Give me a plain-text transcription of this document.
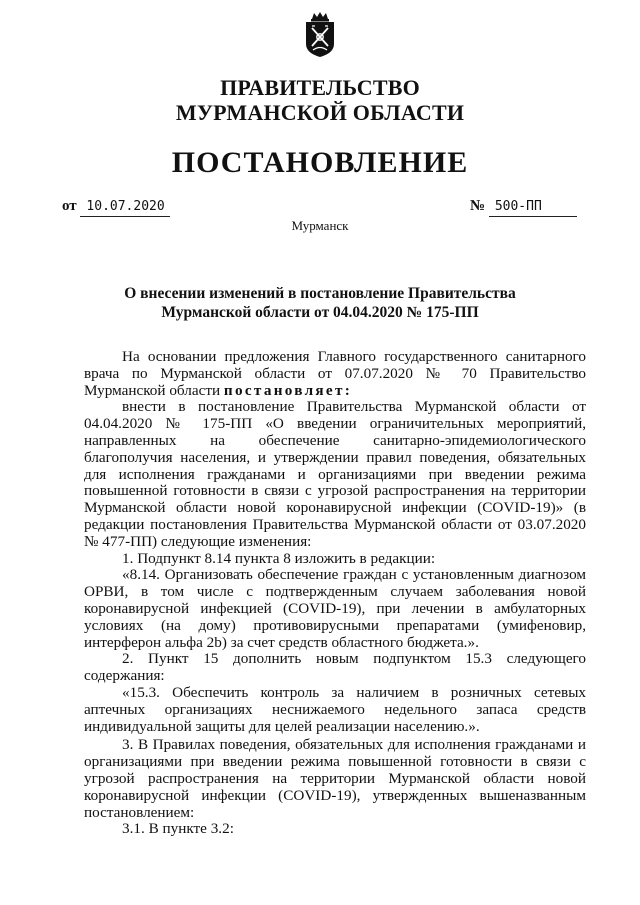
ПРАВИТЕЛЬСТВО
МУРМАНСКОЙ ОБЛАСТИ
ПОСТАНОВЛЕНИЕ
от 10.07.2020	№ 500-ПП
Мурманск
О внесении изменений в постановление Правительства
Мурманской области от 04.04.2020 № 175-ПП

На основании предложения Главного государственного санитарного врача по Мурманской области от 07.07.2020 № 70 Правительство Мурманской области постановляет:

внести в постановление Правительства Мурманской области от 04.04.2020 № 175-ПП «О введении ограничительных мероприятий, направленных на обеспечение санитарно-эпидемиологического благополучия населения, и утверждении правил поведения, обязательных для исполнения гражданами и организациями при введении режима повышенной готовности в связи с угрозой распространения на территории Мурманской области новой коронавирусной инфекции (COVID-19)» (в редакции постановления Правительства Мурманской области от 03.07.2020 № 477-ПП) следующие изменения:

1. Подпункт 8.14 пункта 8 изложить в редакции:

«8.14. Организовать обеспечение граждан с установленным диагнозом ОРВИ, в том числе с подтвержденным случаем заболевания новой коронавирусной инфекцией (COVID-19), при лечении в амбулаторных условиях (на дому) противовирусными препаратами (умифеновир, интерферон альфа 2b) за счет средств областного бюджета.».

2. Пункт 15 дополнить новым подпунктом 15.3 следующего содержания:

«15.3. Обеспечить контроль за наличием в розничных сетевых аптечных организациях неснижаемого недельного запаса средств индивидуальной защиты для целей реализации населению.».

3. В Правилах поведения, обязательных для исполнения гражданами и организациями при введении режима повышенной готовности в связи с угрозой распространения на территории Мурманской области новой коронавирусной инфекции (COVID-19), утвержденных вышеназванным постановлением:

3.1. В пункте 3.2:
